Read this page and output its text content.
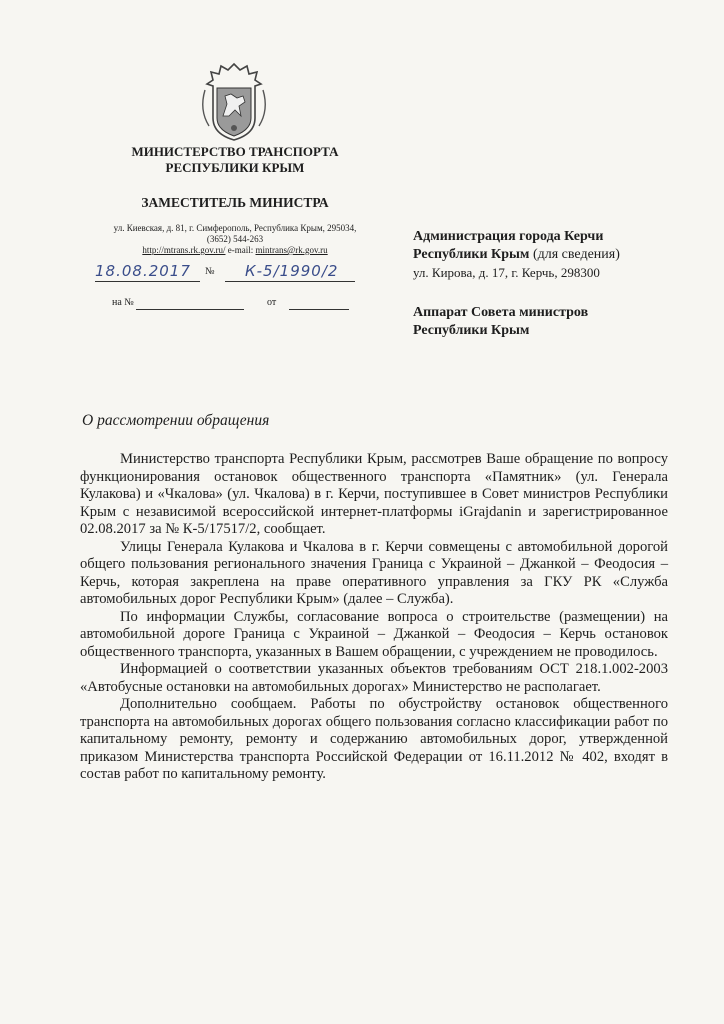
МИНИСТЕРСТВО ТРАНСПОРТА
РЕСПУБЛИКИ КРЫМ
ЗАМЕСТИТЕЛЬ МИНИСТРА
ул. Киевская, д. 81, г. Симферополь, Республика Крым, 295034,
(3652) 544-263
http://mtrans.rk.gov.ru/ e-mail: mintrans@rk.gov.ru
18.08.2017 № К-5/1990/2
на №	от
Администрация города Керчи
Республики Крым (для сведения)
ул. Кирова, д. 17, г. Керчь, 298300
Аппарат Совета министров
Республики Крым
О рассмотрении обращения

Министерство транспорта Республики Крым, рассмотрев Ваше обращение по вопросу функционирования остановок общественного транспорта «Памятник» (ул. Генерала Кулакова) и «Чкалова» (ул. Чкалова) в г. Керчи, поступившее в Совет министров Республики Крым с независимой всероссийской интернет-платформы iGrajdanin и зарегистрированное 02.08.2017 за № К-5/17517/2, сообщает.

Улицы Генерала Кулакова и Чкалова в г. Керчи совмещены с автомобильной дорогой общего пользования регионального значения Граница с Украиной – Джанкой – Феодосия – Керчь, которая закреплена на праве оперативного управления за ГКУ РК «Служба автомобильных дорог Республики Крым» (далее – Служба).

По информации Службы, согласование вопроса о строительстве (размещении) на автомобильной дороге Граница с Украиной – Джанкой – Феодосия – Керчь остановок общественного транспорта, указанных в Вашем обращении, с учреждением не проводилось.

Информацией о соответствии указанных объектов требованиям ОСТ 218.1.002-2003 «Автобусные остановки на автомобильных дорогах» Министерство не располагает.

Дополнительно сообщаем. Работы по обустройству остановок общественного транспорта на автомобильных дорогах общего пользования согласно классификации работ по капитальному ремонту, ремонту и содержанию автомобильных дорог, утвержденной приказом Министерства транспорта Российской Федерации от 16.11.2012 № 402, входят в состав работ по капитальному ремонту.
